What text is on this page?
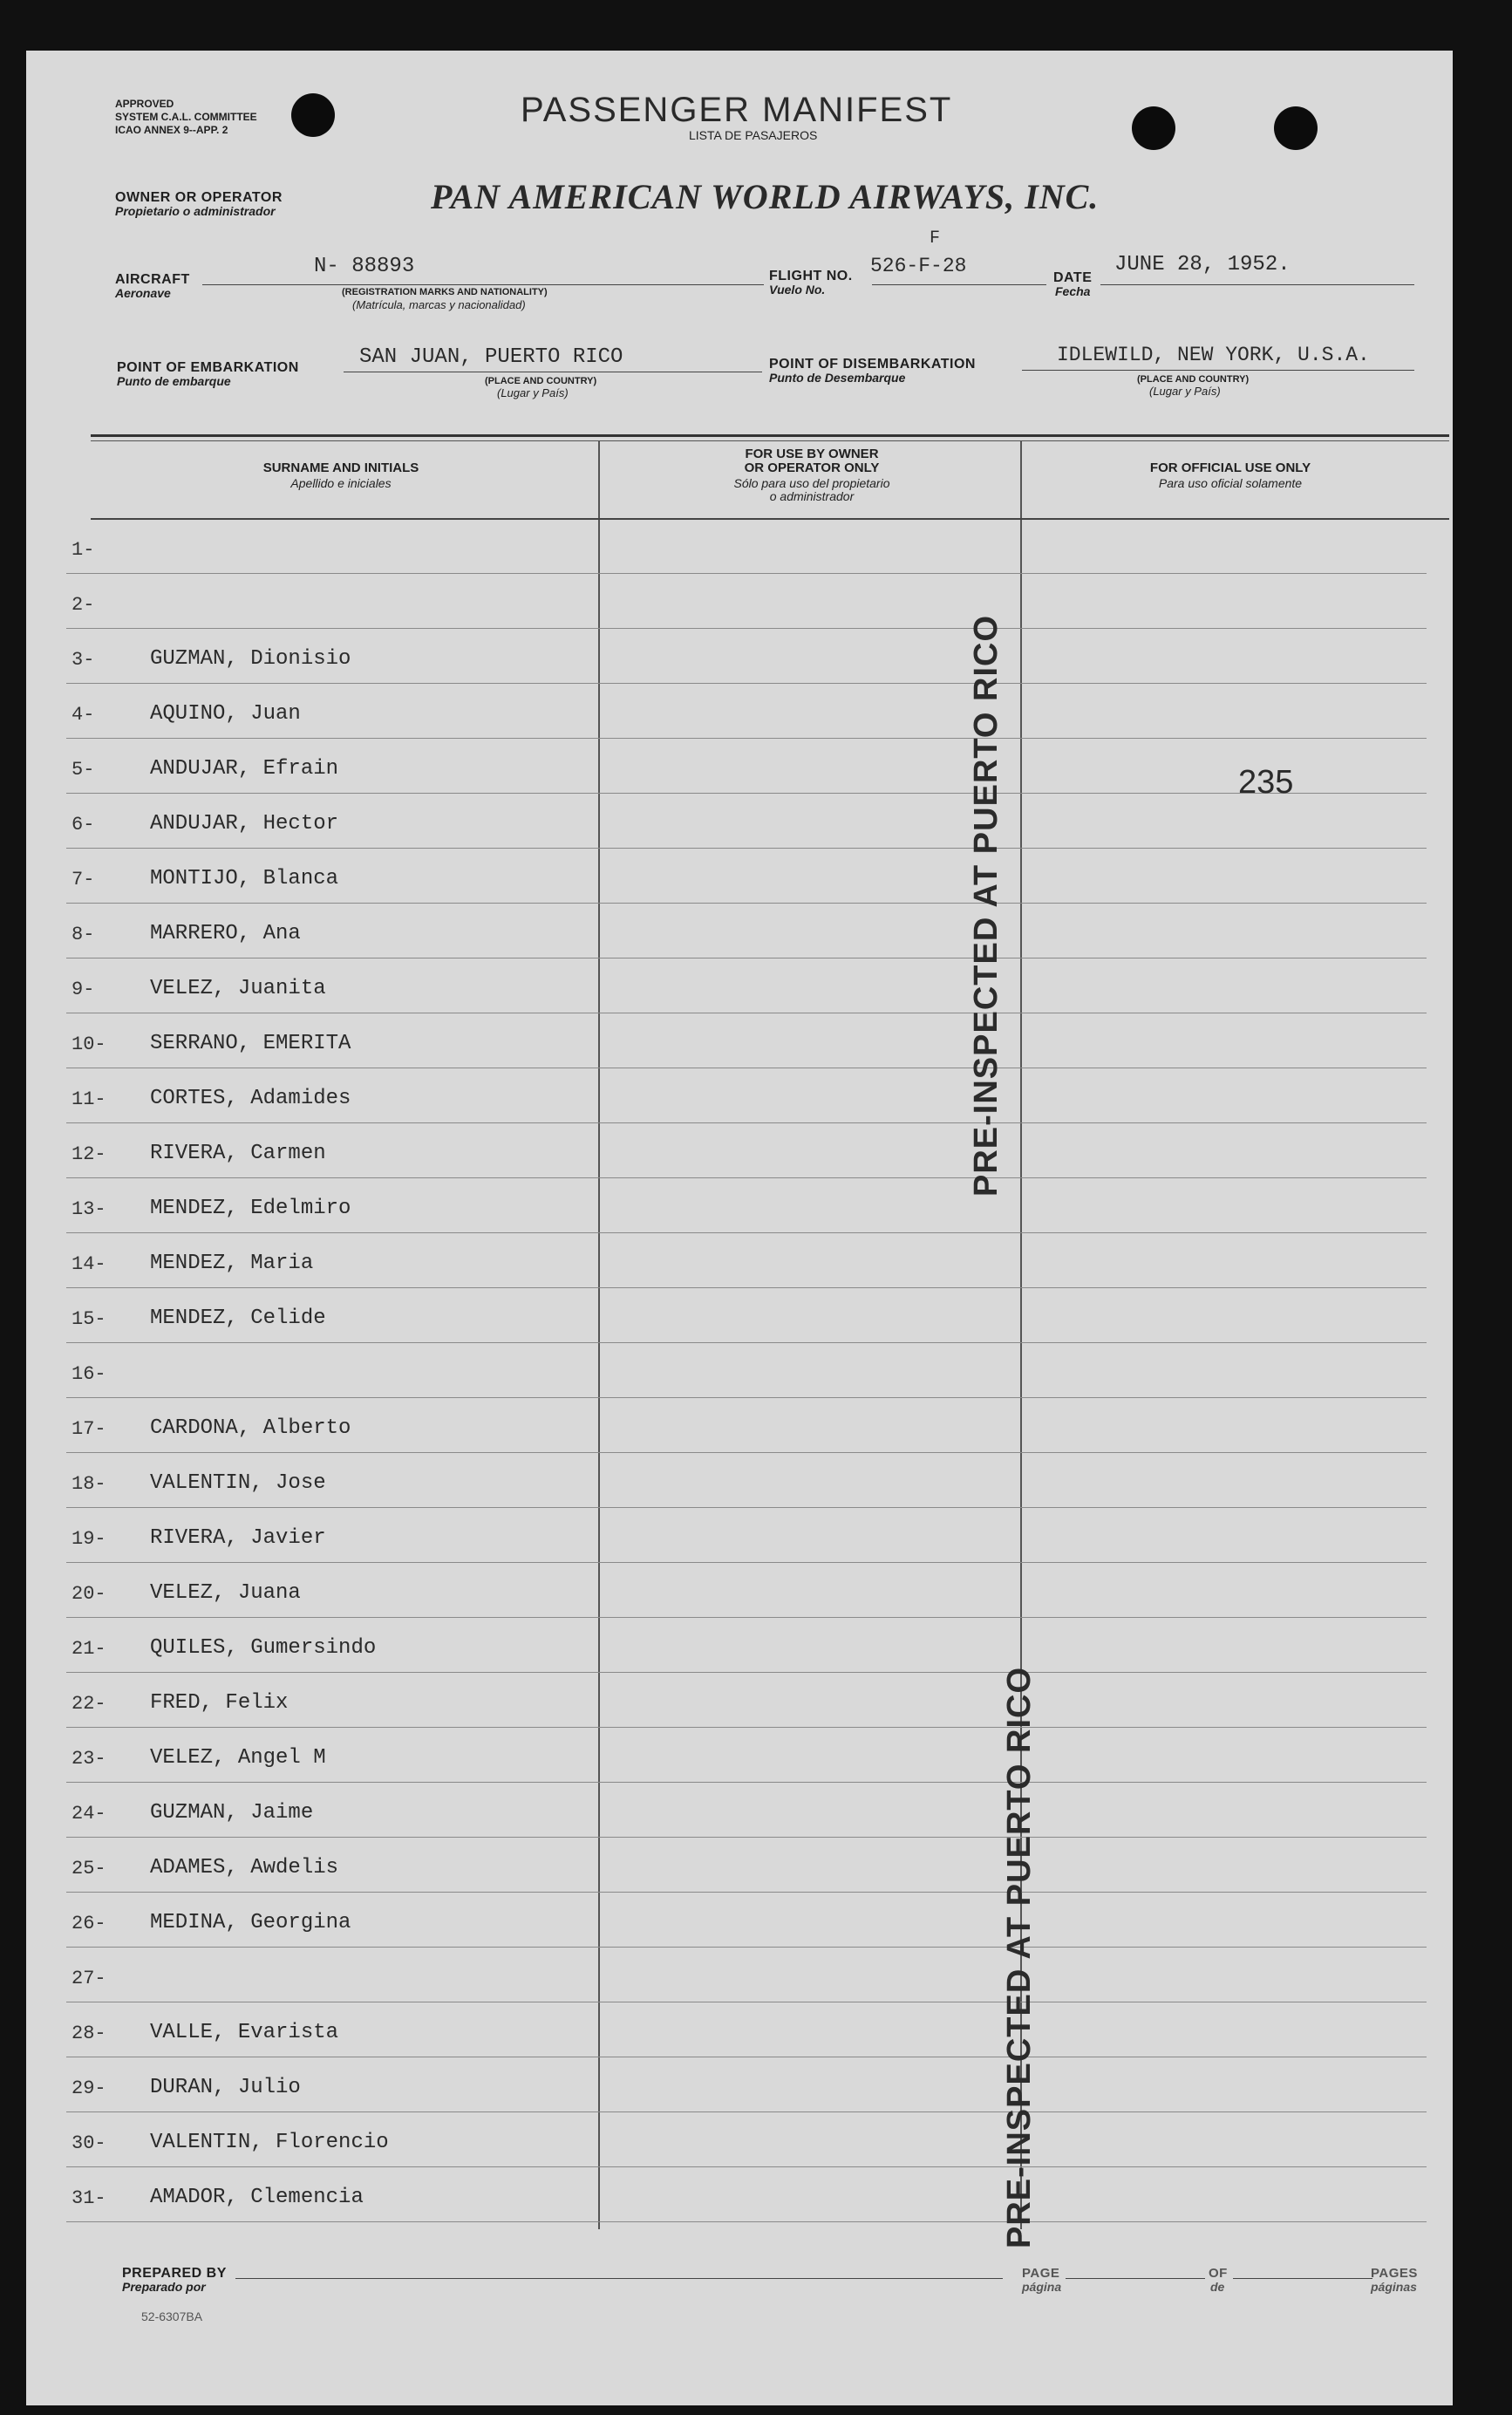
APPROVED
SYSTEM C.A.L. COMMITTEE
ICAO ANNEX 9--APP. 2
PASSENGER MANIFEST
LISTA DE PASAJEROS
OWNER OR OPERATOR
Propietario o administrador	PAN AMERICAN WORLD AIRWAYS, INC.
AIRCRAFT
Aeronave
N- 88893
(REGISTRATION MARKS AND NATIONALITY)
(Matrícula, marcas y nacionalidad)
FLIGHT NO.
Vuelo No.
F
526-F-28
DATE
Fecha
JUNE 28, 1952.
POINT OF EMBARKATION
Punto de embarque
SAN JUAN, PUERTO RICO
(PLACE AND COUNTRY)
(Lugar y País)
POINT OF DISEMBARKATION
Punto de Desembarque
IDLEWILD, NEW YORK, U.S.A.
(PLACE AND COUNTRY)
(Lugar y País)
SURNAME AND INITIALS
Apellido e iniciales
FOR USE BY OWNER
OR OPERATOR ONLY
Sólo para uso del propietario
o administrador
FOR OFFICIAL USE ONLY
Para uso oficial solamente
1-
2-
3-	GUZMAN, Dionisio
4-	AQUINO, Juan
5-	ANDUJAR, Efrain
6-	ANDUJAR, Hector
7-	MONTIJO, Blanca
8-	MARRERO, Ana
9-	VELEZ, Juanita
10-	SERRANO, EMERITA
11-	CORTES, Adamides
12-	RIVERA, Carmen
13-	MENDEZ, Edelmiro
14-	MENDEZ, Maria
15-	MENDEZ, Celide
16-
17-	CARDONA, Alberto
18-	VALENTIN, Jose
19-	RIVERA, Javier
20-	VELEZ, Juana
21-	QUILES, Gumersindo
22-	FRED, Felix
23-	VELEZ, Angel M
24-	GUZMAN, Jaime
25-	ADAMES, Awdelis
26-	MEDINA, Georgina
27-
28-	VALLE, Evarista
29-	DURAN, Julio
30-	VALENTIN, Florencio
31-	AMADOR, Clemencia
235
PRE-INSPECTED AT PUERTO RICO
PRE-INSPECTED AT PUERTO RICO
PREPARED BY
Preparado por
PAGE
página
OF
de
PAGES
páginas
52-6307BA
